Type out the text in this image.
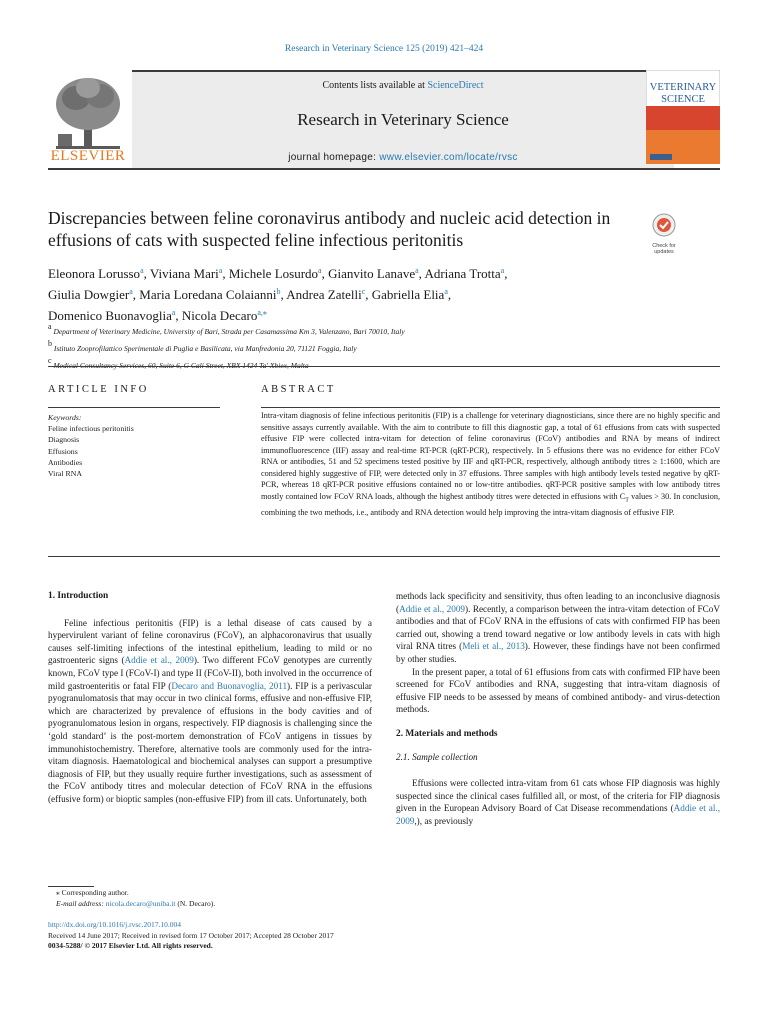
Research in Veterinary Science 125 (2019) 421–424
ELSEVIER
Contents lists available at ScienceDirect
Research in Veterinary Science
journal homepage: www.elsevier.com/locate/rvsc
VETERINARY
SCIENCE
Discrepancies between feline coronavirus antibody and nucleic acid detection in effusions of cats with suspected feline infectious peritonitis	Check for updates
Eleonora Lorusso$^a$, Viviana Mari$^a$, Michele Losurdo$^a$, Gianvito Lanave$^a$, Adriana Trotta$^a$,
Giulia Dowgier$^a$, Maria Loredana Colaianni$^b$, Andrea Zatelli$^c$, Gabriella Elia$^a$,
Domenico Buonavoglia$^a$, Nicola Decaro$^{a,⁎}$
$^a$ Department of Veterinary Medicine, University of Bari, Strada per Casamassima Km 3, Valenzano, Bari 70010, Italy
$^b$ Istituto Zooprofilattico Sperimentale di Puglia e Basilicata, via Manfredonia 20, 71121 Foggia, Italy
$^c$
ARTICLE INFO	ABSTRACT
Keywords:
Feline infectious peritonitis
Diagnosis
Effusions
Antibodies
Viral RNA
Intra-vitam diagnosis of feline infectious peritonitis (FIP) is a challenge for veterinary diagnosticians, since there are no highly specific and sensitive assays currently available. With the aim to contribute to fill this diagnostic gap, a total of 61 effusions from cats with suspected effusive FIP were collected intra-vitam for detection of feline coronavirus (FCoV) antibodies and RNA by means of indirect immunofluorescence (IIF) assay and real-time RT-PCR (qRT-PCR), respectively. In 5 effusions there was no evidence for either FCoV RNA or antibodies, 51 and 52 specimens tested positive by IIF and qRT-PCR, respectively, although antibody titres ≥ 1:1600, which are considered highly suggestive of FIP, were detected only in 37 effusions. Three samples with high antibody levels tested negative by qRT-PCR, whereas 18 qRT-PCR positive effusions contained no or low-titre antibodies. qRT-PCR positive samples with low antibody titres mostly contained low FCoV RNA loads, although the highest antibody titres were detected in effusions with $C_T$ values > 30. In conclusion, combining the two methods, i.e., antibody and RNA detection would help improving the intra-vitam diagnosis of effusive FIP.

1. Introduction

Feline infectious peritonitis (FIP) is a lethal disease of cats caused by a hypervirulent variant of feline coronavirus (FCoV), an alphacoronavirus that usually causes self-limiting infections of the intestinal epithelium, leading to mild or no gastroenteric signs (Addie et al., 2009). Two different FCoV genotypes are currently known, FCoV type I (FCoV-I) and type II (FCoV-II), both involved in the occurrence of mild gastroenteritis or fatal FIP (Decaro and Buonavoglia, 2011). FIP is a perivascular pyogranulomatosis that may occur in two clinical forms, effusive and non-effusive FIP, which are characterized by prevalence of effusions in the body cavities and of pyogranulomatous lesion in organs, respectively. FIP diagnosis is challenging since the ‘gold standard’ is the post-mortem demonstration of FCoV antigens in tissues by immunohistochemistry. Therefore, alternative tools are commonly used for the intra-vitam diagnosis. Haematological and biochemical analyses can support a presumptive diagnosis of FIP, but they usually require further investigations, such as assessment of the FCoV antibody titres and molecular detection of FCoV RNA in the effusions (effusive form) or bioptic samples (non-effusive FIP) from ill cats. Unfortunately, both

methods lack specificity and sensitivity, thus often leading to an inconclusive diagnosis (Addie et al., 2009). Recently, a comparison between the intra-vitam detection of FCoV antibodies and that of FCoV RNA in the effusions of cats with confirmed FIP has been carried out, showing a trend toward negative or low antibody levels in cats with high viral RNA titres (Meli et al., 2013). However, these findings have not been confirmed by other studies.

In the present paper, a total of 61 effusions from cats with confirmed FIP have been screened for FCoV antibodies and RNA, suggesting that intra-vitam diagnosis of effusive FIP needs to be assessed by means of combined antibody- and virus-detection methods.

2. Materials and methods

2.1. Sample collection

Effusions were collected intra-vitam from 61 cats whose FIP diagnosis was highly suspected since the clinical cases fulfilled all, or most, of the criteria for FIP diagnosis given in the European Advisory Board of Cat Disease recommendations (Addie et al., 2009,), as previously

⁎ Corresponding author.
E-mail address: nicola.decaro@uniba.it (N. Decaro).
http://dx.doi.org/10.1016/j.rvsc.2017.10.004
Received 14 June 2017; Received in revised form 17 October 2017; Accepted 28 October 2017
0034-5288/ © 2017 Elsevier Ltd. All rights reserved.
